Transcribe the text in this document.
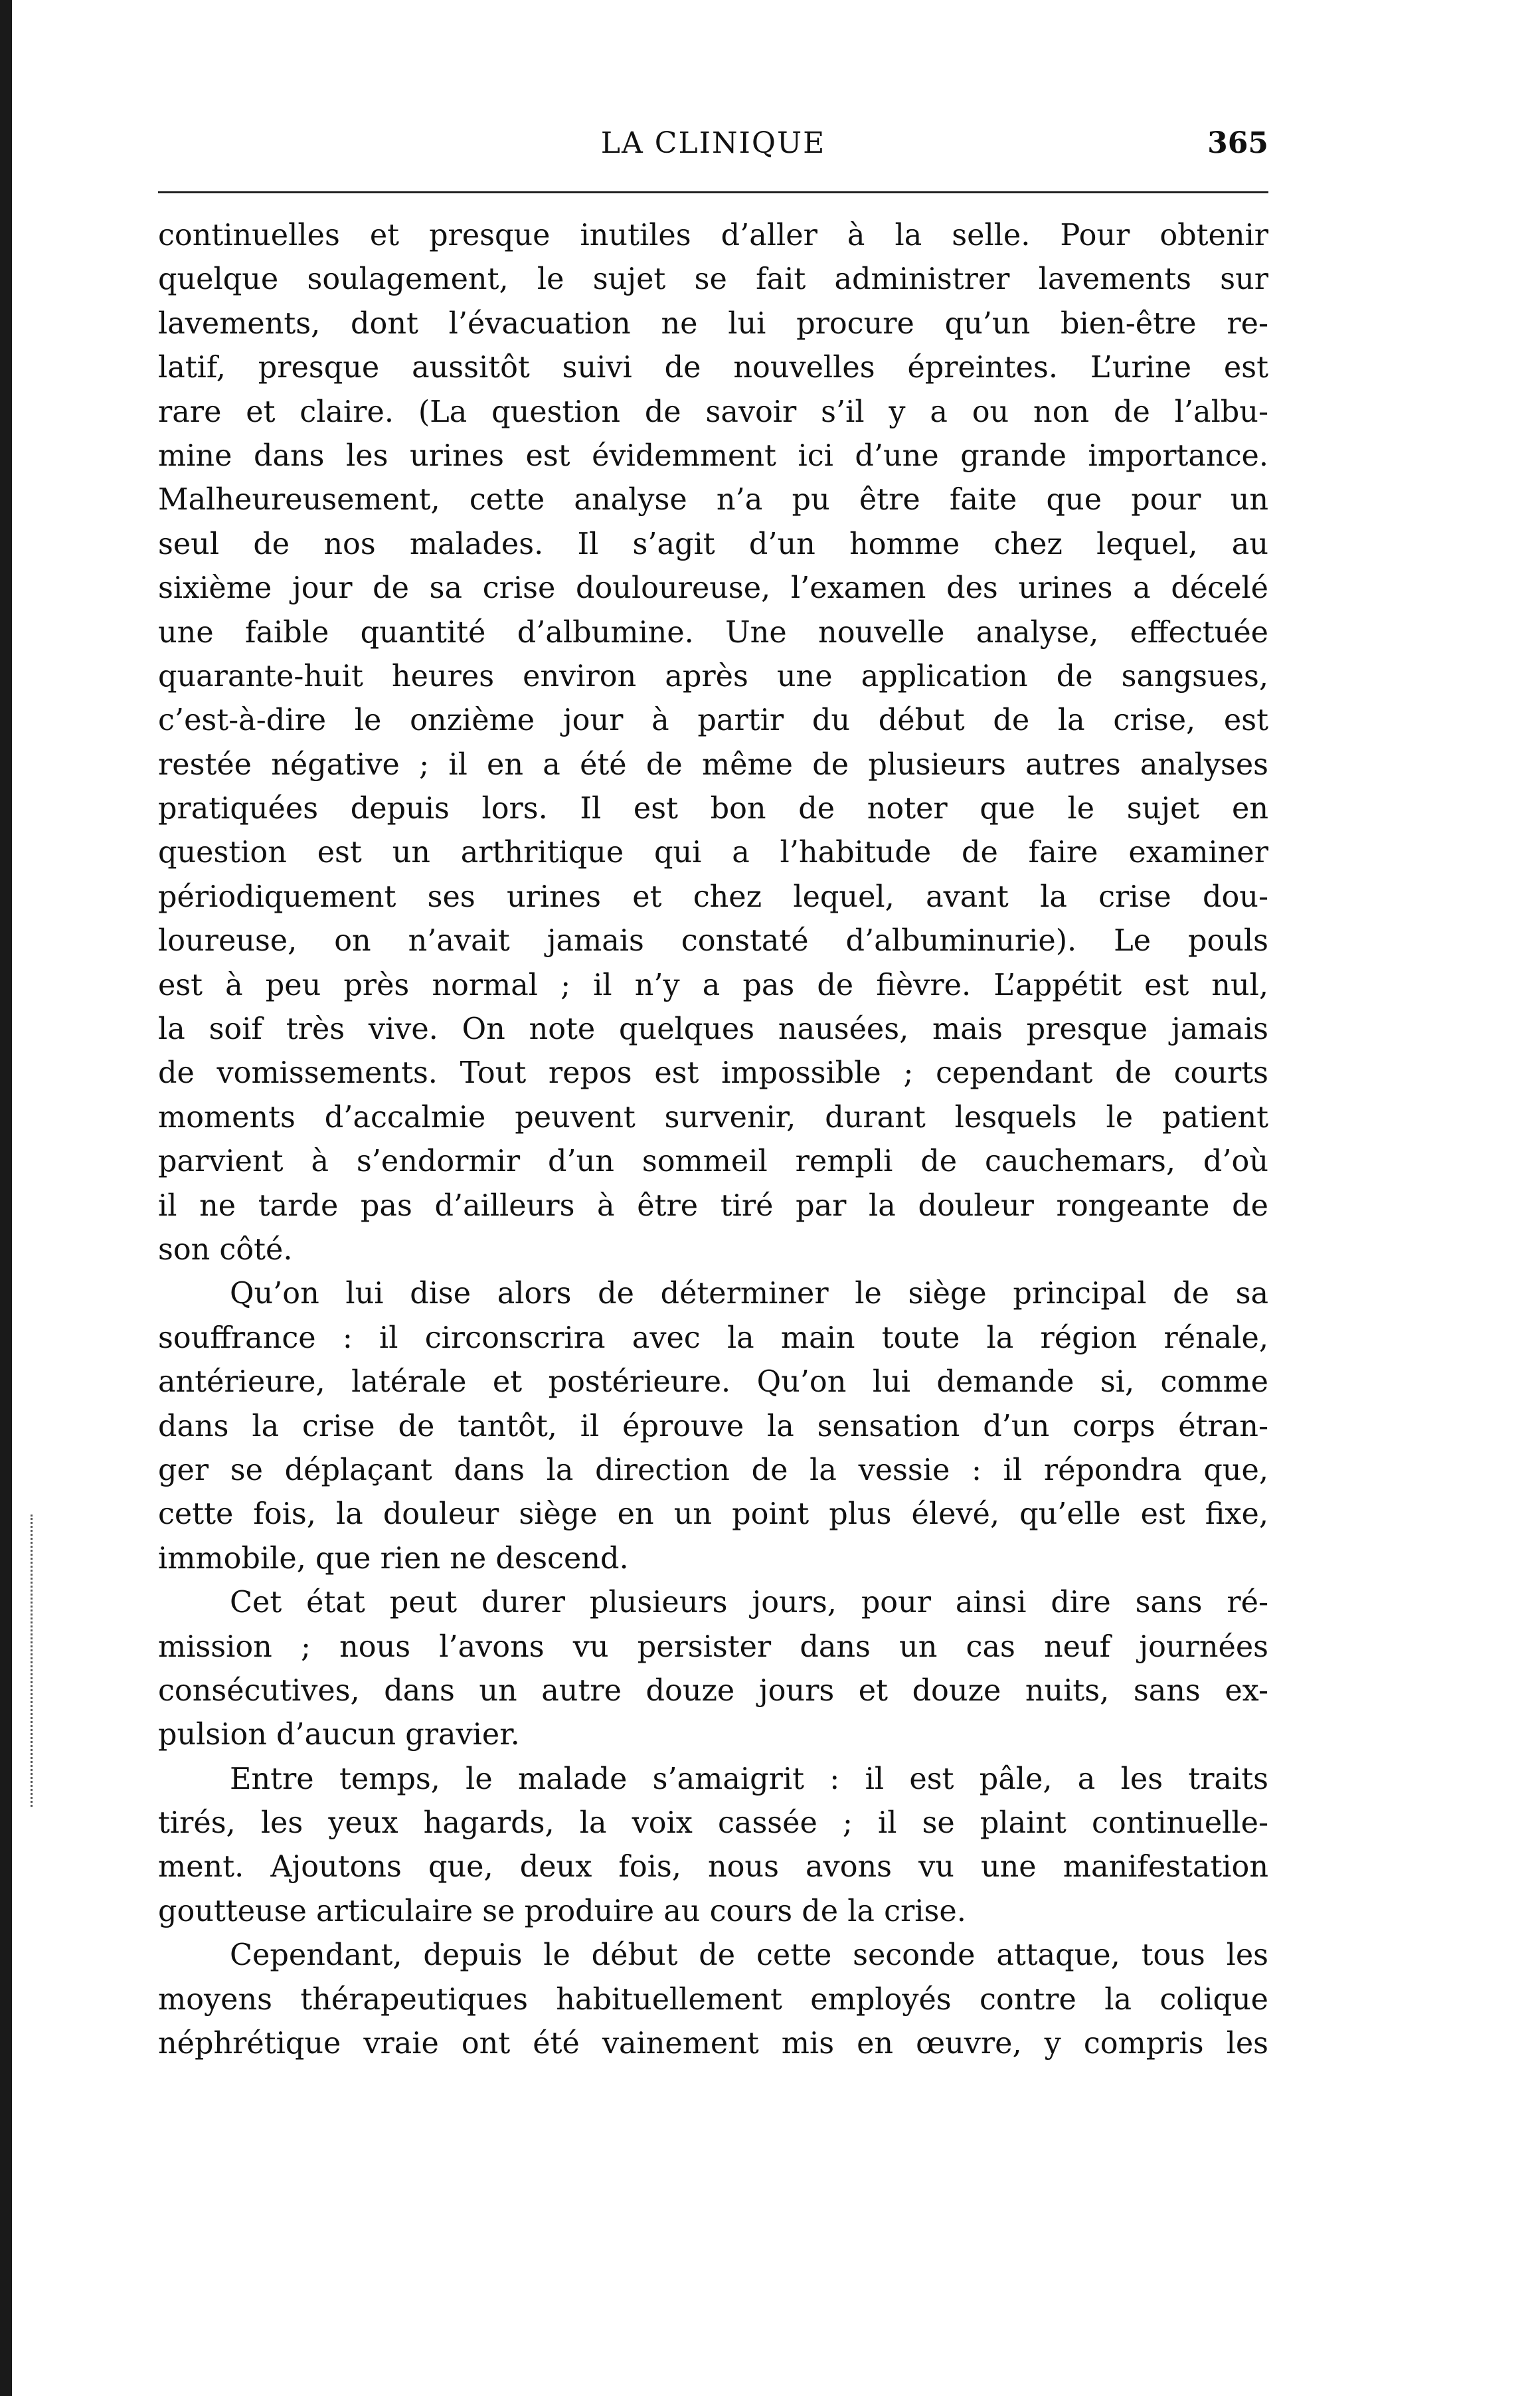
LA CLINIQUE	365
continuelles et presque inutiles d’aller à la selle. Pour obtenir
quelque soulagement, le sujet se fait administrer lavements sur
lavements, dont l’évacuation ne lui procure qu’un bien-être re-
latif, presque aussitôt suivi de nouvelles épreintes. L’urine est
rare et claire. (La question de savoir s’il y a ou non de l’albu-
mine dans les urines est évidemment ici d’une grande importance.
Malheureusement, cette analyse n’a pu être faite que pour un
seul de nos malades. Il s’agit d’un homme chez lequel, au
sixième jour de sa crise douloureuse, l’examen des urines a décelé
une faible quantité d’albumine. Une nouvelle analyse, effectuée
quarante-huit heures environ après une application de sangsues,
c’est-à-dire le onzième jour à partir du début de la crise, est
restée négative ; il en a été de même de plusieurs autres analyses
pratiquées depuis lors. Il est bon de noter que le sujet en
question est un arthritique qui a l’habitude de faire examiner
périodiquement ses urines et chez lequel, avant la crise dou-
loureuse, on n’avait jamais constaté d’albuminurie). Le pouls
est à peu près normal ; il n’y a pas de fièvre. L’appétit est nul,
la soif très vive. On note quelques nausées, mais presque jamais
de vomissements. Tout repos est impossible ; cependant de courts
moments d’accalmie peuvent survenir, durant lesquels le patient
parvient à s’endormir d’un sommeil rempli de cauchemars, d’où
il ne tarde pas d’ailleurs à être tiré par la douleur rongeante de
son côté.
Qu’on lui dise alors de déterminer le siège principal de sa
souffrance : il circonscrira avec la main toute la région rénale,
antérieure, latérale et postérieure. Qu’on lui demande si, comme
dans la crise de tantôt, il éprouve la sensation d’un corps étran-
ger se déplaçant dans la direction de la vessie : il répondra que,
cette fois, la douleur siège en un point plus élevé, qu’elle est fixe,
immobile, que rien ne descend.
Cet état peut durer plusieurs jours, pour ainsi dire sans ré-
mission ; nous l’avons vu persister dans un cas neuf journées
consécutives, dans un autre douze jours et douze nuits, sans ex-
pulsion d’aucun gravier.
Entre temps, le malade s’amaigrit : il est pâle, a les traits
tirés, les yeux hagards, la voix cassée ; il se plaint continuelle-
ment. Ajoutons que, deux fois, nous avons vu une manifestation
goutteuse articulaire se produire au cours de la crise.
Cependant, depuis le début de cette seconde attaque, tous les
moyens thérapeutiques habituellement employés contre la colique
néphrétique vraie ont été vainement mis en œuvre, y compris les
